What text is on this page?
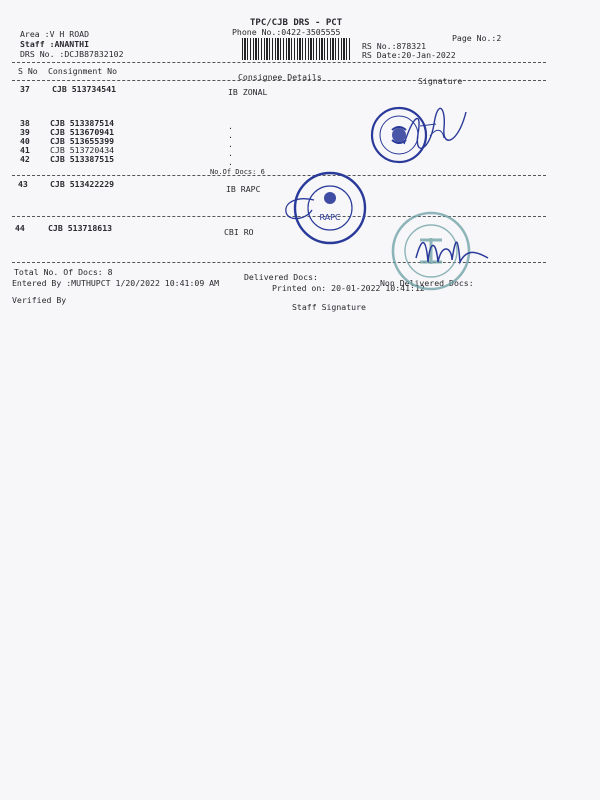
TPC/CJB DRS - PCT
Phone No.:0422-3505555
Area :V H ROAD
Staff :ANANTHI
DRS No. :DCJB87832102
Page No.:2
RS No.:878321
RS Date:20-Jan-2022
S No Consignment No
Consignee Details	Signature
37	CJB 513734541	IB ZONAL
38 CJB 513387514	.
39 CJB 513670941	.
40 CJB 513655399	.
41 CJB 513720434	.
42 CJB 513387515	.
No.Of Docs: 6
43	CJB 513422229	IB RAPC
44	CJB 513718613	CBI RO
Total No. Of Docs: 8	Delivered Docs:
Non Delivered Docs:
Entered By :MUTHUPCT 1/20/2022 10:41:09 AM	Printed on: 20-01-2022 10:41:12
Verified By
Staff Signature
RAPC
